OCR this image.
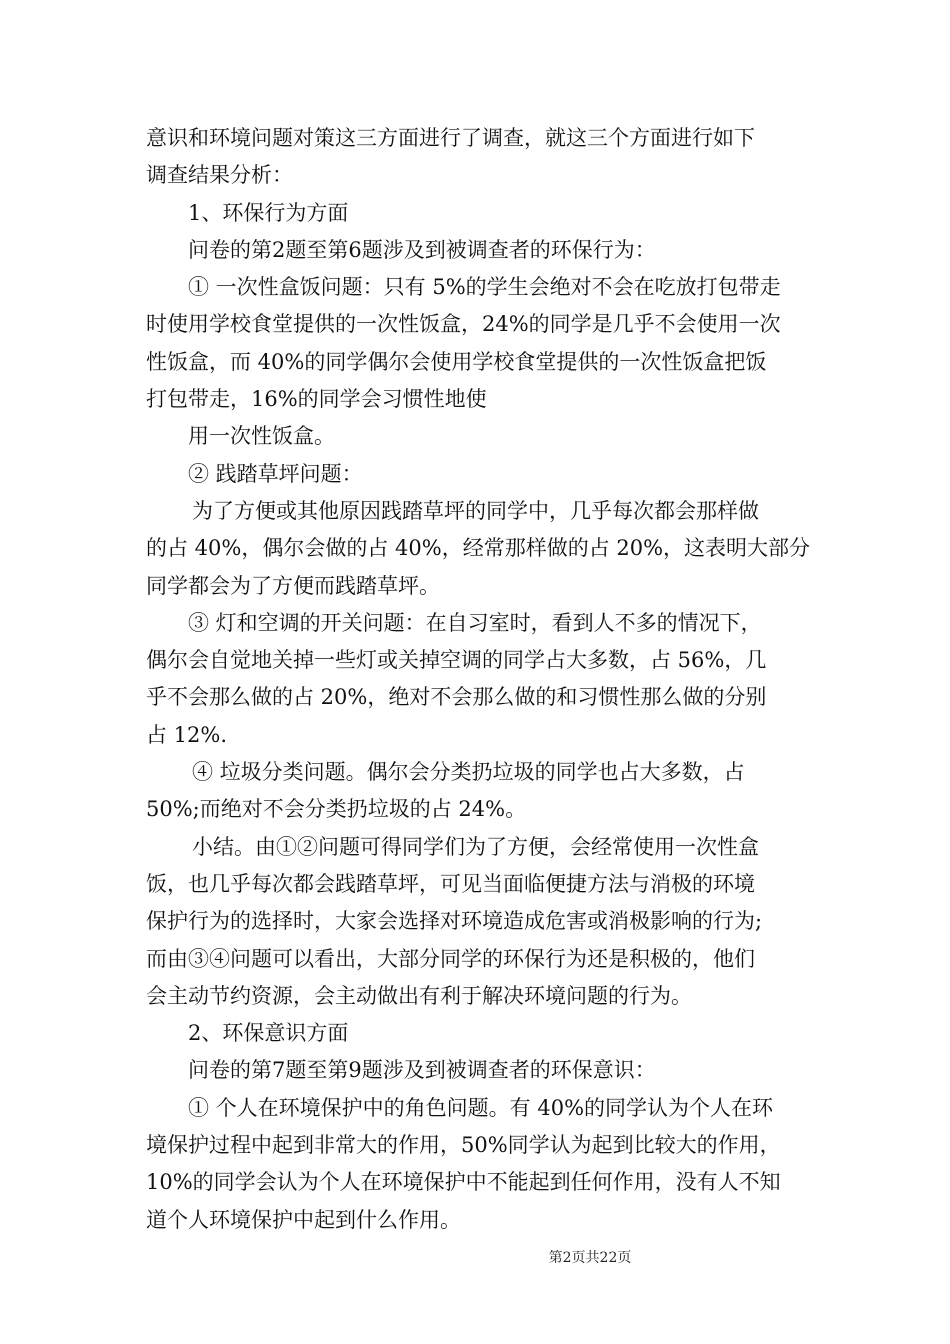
意识和环境问题对策这三方面进行了调查，就这三个方面进行如下
调查结果分析：
1、环保行为方面
问卷的第2题至第6题涉及到被调查者的环保行为：
① 一次性盒饭问题：只有 5%的学生会绝对不会在吃放打包带走
时使用学校食堂提供的一次性饭盒，24%的同学是几乎不会使用一次
性饭盒，而 40%的同学偶尔会使用学校食堂提供的一次性饭盒把饭
打包带走，16%的同学会习惯性地使
用一次性饭盒。
② 践踏草坪问题：
为了方便或其他原因践踏草坪的同学中，几乎每次都会那样做
的占 40%，偶尔会做的占 40%，经常那样做的占 20%，这表明大部分
同学都会为了方便而践踏草坪。
③ 灯和空调的开关问题：在自习室时，看到人不多的情况下，
偶尔会自觉地关掉一些灯或关掉空调的同学占大多数，占 56%，几
乎不会那么做的占 20%，绝对不会那么做的和习惯性那么做的分别
占 12%.
④ 垃圾分类问题。偶尔会分类扔垃圾的同学也占大多数，占
50%;而绝对不会分类扔垃圾的占 24%。
小结。由①②问题可得同学们为了方便，会经常使用一次性盒
饭，也几乎每次都会践踏草坪，可见当面临便捷方法与消极的环境
保护行为的选择时，大家会选择对环境造成危害或消极影响的行为;
而由③④问题可以看出，大部分同学的环保行为还是积极的，他们
会主动节约资源，会主动做出有利于解决环境问题的行为。
2、环保意识方面
问卷的第7题至第9题涉及到被调查者的环保意识：
① 个人在环境保护中的角色问题。有 40%的同学认为个人在环
境保护过程中起到非常大的作用，50%同学认为起到比较大的作用，
10%的同学会认为个人在环境保护中不能起到任何作用，没有人不知
道个人环境保护中起到什么作用。
第2页共22页
